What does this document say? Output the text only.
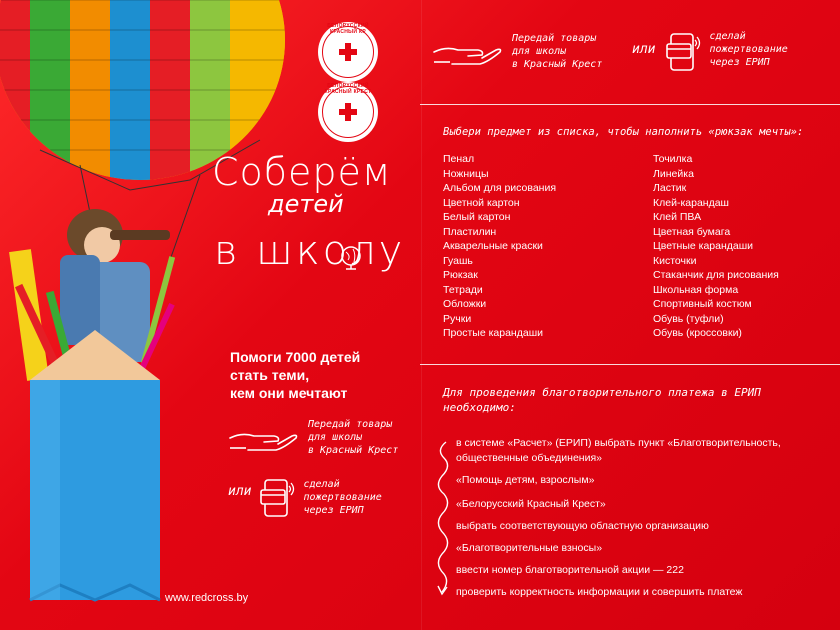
БЕЛОРУССКИЙ КРАСНЫЙ КР
БЕЛОРУССКИЙ КРАСНЫЙ КРЕСТ
Соберём
детей
в школу
Помоги 7000 детей
стать теми,
кем они мечтают
Передай товары
для школы
в Красный Крест
или	сделай
пожертвование
через ЕРИП
www.redcross.by
Передай товары
для школы
в Красный Крест
или
сделай
пожертвование
через ЕРИП
Выбери предмет из списка, чтобы наполнить «рюкзак мечты»:
Пенал
Ножницы
Альбом для рисования
Цветной картон
Белый картон
Пластилин
Акварельные краски
Гуашь
Рюкзак
Тетради
Обложки
Ручки
Простые карандаши
Точилка
Линейка
Ластик
Клей-карандаш
Клей ПВА
Цветная бумага
Цветные карандаши
Кисточки
Стаканчик для рисования
Школьная форма
Спортивный костюм
Обувь (туфли)
Обувь (кроссовки)
Для проведения благотворительного платежа в ЕРИП
необходимо:
в системе «Расчет» (ЕРИП) выбрать пункт «Благотворительность,
общественные объединения»
«Помощь детям, взрослым»
«Белорусский Красный Крест»
выбрать соответствующую областную организацию
«Благотворительные взносы»
ввести номер благотворительной акции — 222
проверить корректность информации и совершить платеж
